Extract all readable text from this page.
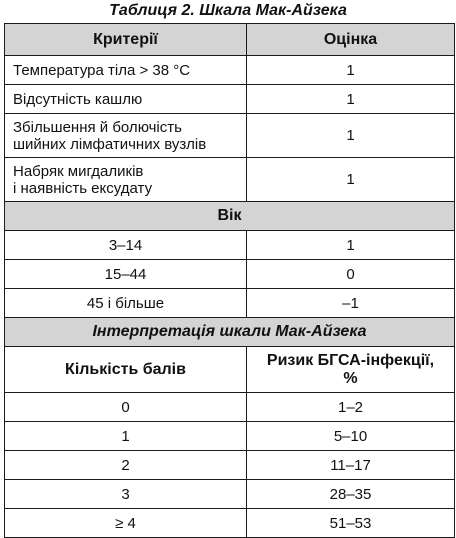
Таблиця 2. Шкала Мак-Айзека
Критерії	Оцінка
Температура тіла > 38 °C	1
Відсутність кашлю	1
Збільшення й болючість
шийних лімфатичних вузлів	1
Набряк мигдаликів
і наявність ексудату	1
Вік	
3–14	1
15–44	0
45 і більше	–1
Інтерпретація шкали Мак-Айзека	
Кількість балів	Ризик БГСА-інфекції,
%
0	1–2
1	5–10
2	11–17
3	28–35
≥ 4	51–53
